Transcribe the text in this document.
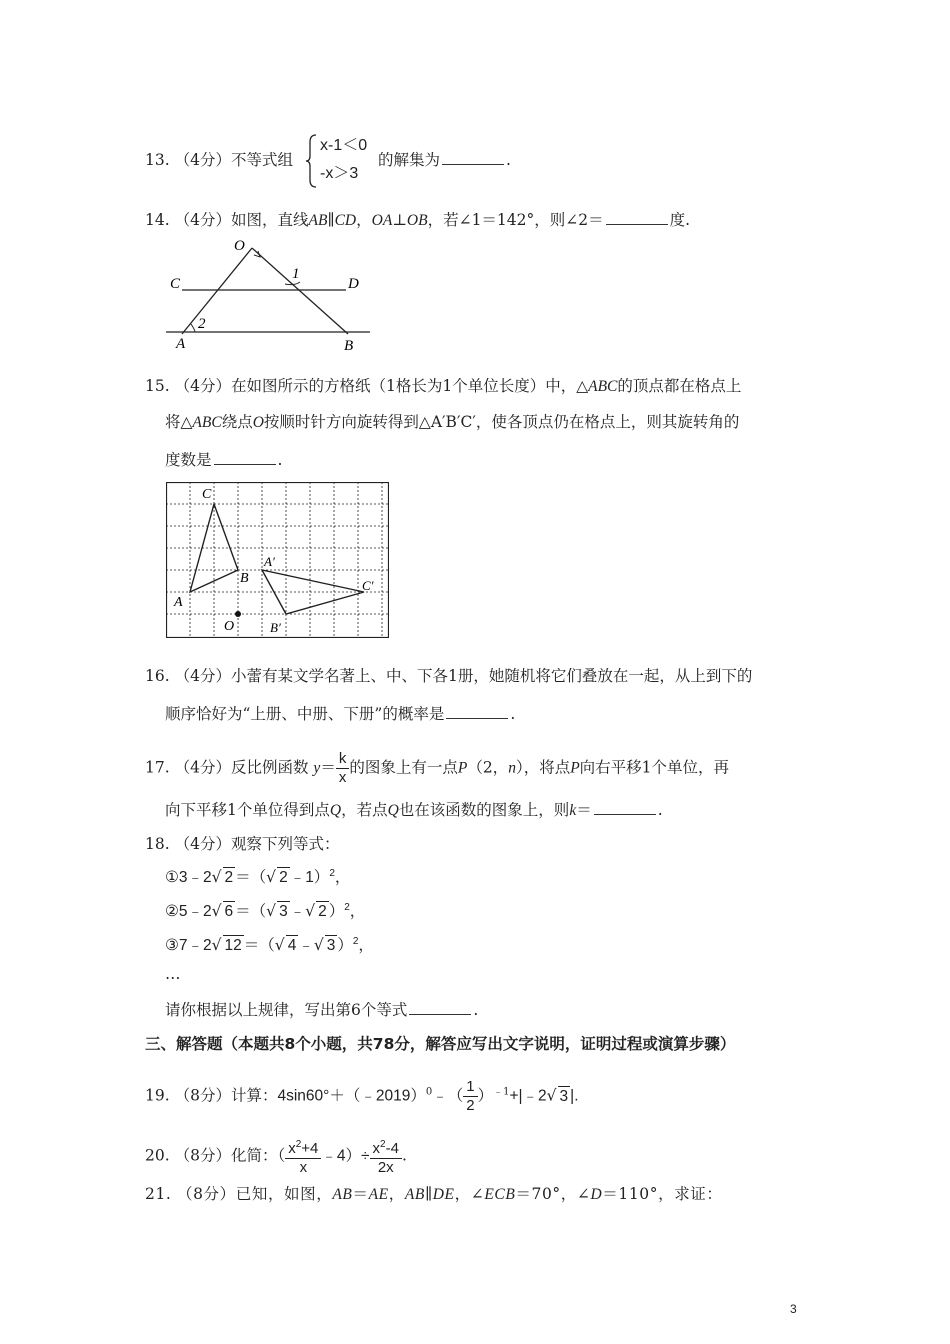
13. （4分）不等式组
x-1＜0
-x＞3
的解集为	.
14. （4分）如图，直线AB∥CD，OA⊥OB，若∠1＝142°，则∠2＝	度.
O
C	D
1
2
A	B
15. （4分）在如图所示的方格纸（1格长为1个单位长度）中，△ABC的顶点都在格点上
将△ABC绕点O按顺时针方向旋转得到△A′B′C′，使各顶点仍在格点上，则其旋转角的
度数是	.
C
B
A
O
A′
C′
B′
16. （4分）小蕾有某文学名著上、中、下各1册，她随机将它们叠放在一起，从上到下的
顺序恰好为“上册、中册、下册”的概率是	.
17. （4分）反比例函数 $y= \frac{k}{x}$ 的图象上有一点P（2，n），将点P向右平移1个单位，再
向下平移1个单位得到点Q，若点Q也在该函数的图象上，则k＝	.
18. （4分）观察下列等式：
①3﹣2√ 2 ＝（√ 2 ﹣1）$^2$，
②5﹣2√ 6 ＝（√ 3 ﹣√ 2 ）$^2$，
③7﹣2√ 12 ＝（√ 4 ﹣√ 3 ）$^2$，
…
请你根据以上规律，写出第6个等式	.
三、解答题（本题共8个小题，共78分，解答应写出文字说明，证明过程或演算步骤）
19. （8分）计算：4sin60°＋（﹣2019）$^0$﹣（ $\frac{1}{2}$ ）$^{﹣1}$+|﹣2√ 3 |.
20. （8分）化简：（ $\frac{x^2+4}{x}$ ﹣4）÷ $\frac{x^2-4}{2x}$ .
21. （8分）已知，如图，AB＝AE，AB∥DE，∠ECB＝70°，∠D＝110°，求证：
3
